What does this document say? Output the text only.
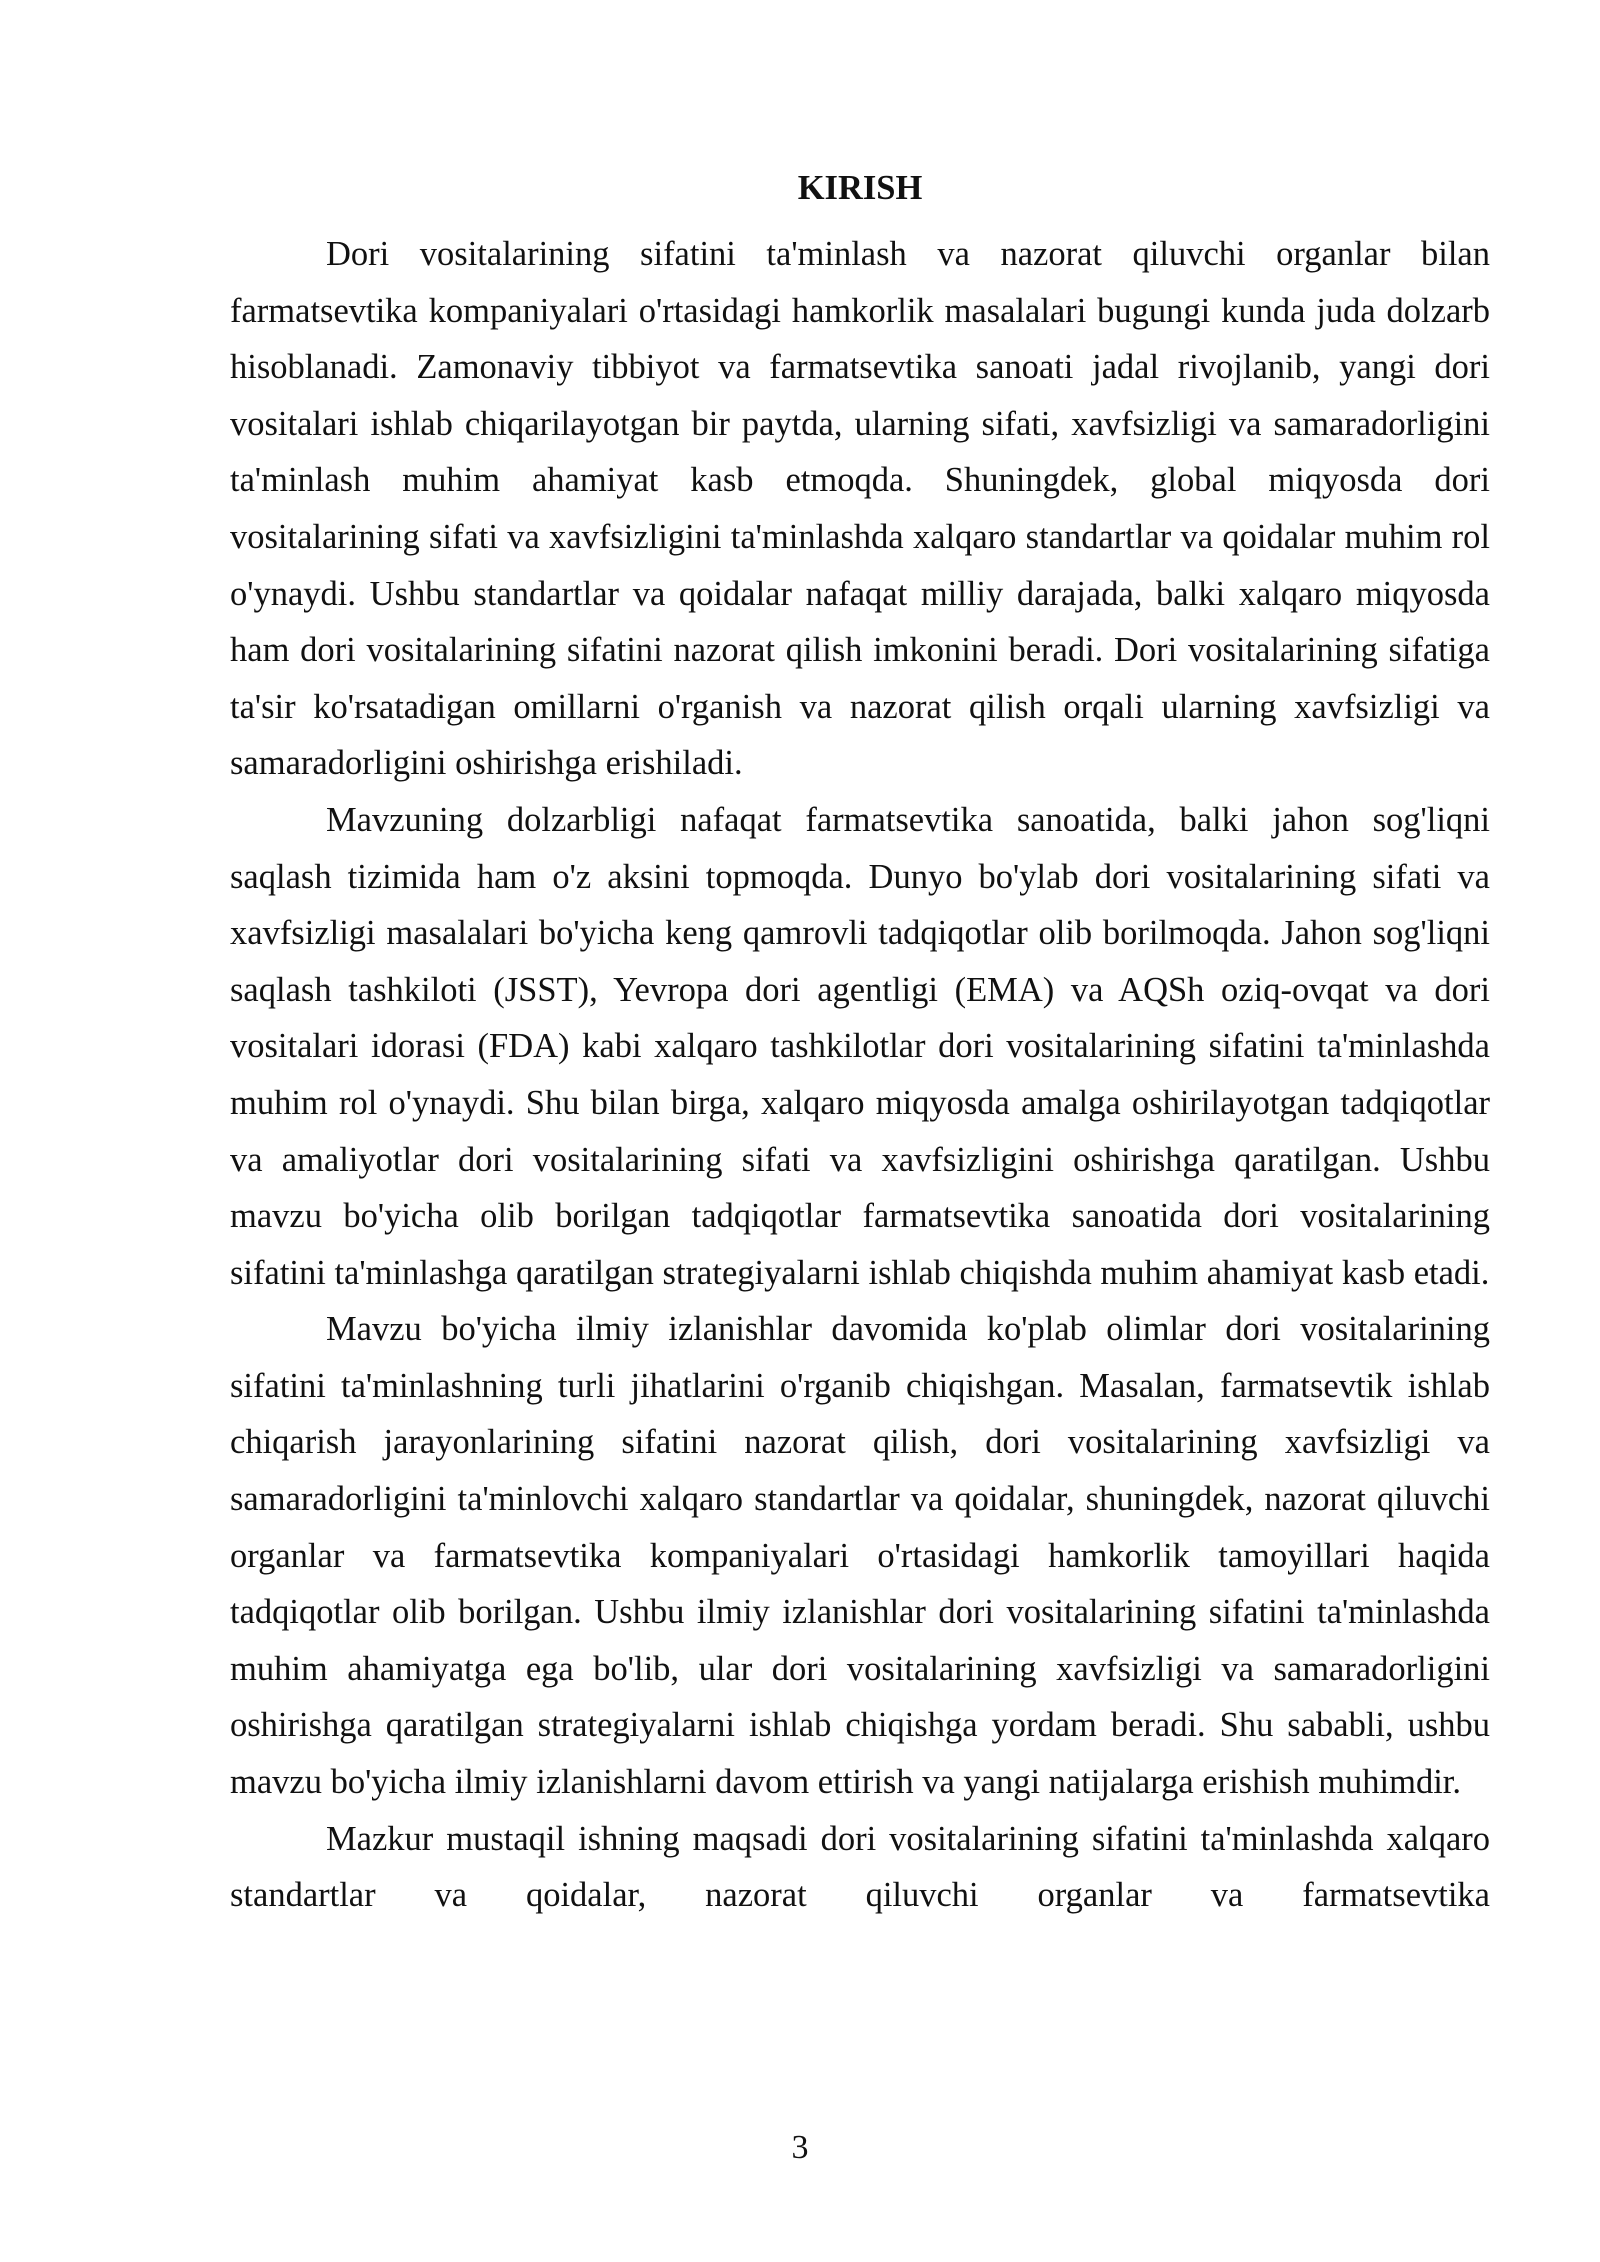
KIRISH

Dori vositalarining sifatini ta'minlash va nazorat qiluvchi organlar bilan farmatsevtika kompaniyalari o'rtasidagi hamkorlik masalalari bugungi kunda juda dolzarb hisoblanadi. Zamonaviy tibbiyot va farmatsevtika sanoati jadal rivojlanib, yangi dori vositalari ishlab chiqarilayotgan bir paytda, ularning sifati, xavfsizligi va samaradorligini ta'minlash muhim ahamiyat kasb etmoqda. Shuningdek, global miqyosda dori vositalarining sifati va xavfsizligini ta'minlashda xalqaro standartlar va qoidalar muhim rol o'ynaydi. Ushbu standartlar va qoidalar nafaqat milliy darajada, balki xalqaro miqyosda ham dori vositalarining sifatini nazorat qilish imkonini beradi. Dori vositalarining sifatiga ta'sir ko'rsatadigan omillarni o'rganish va nazorat qilish orqali ularning xavfsizligi va samaradorligini oshirishga erishiladi.

Mavzuning dolzarbligi nafaqat farmatsevtika sanoatida, balki jahon sog'liqni saqlash tizimida ham o'z aksini topmoqda. Dunyo bo'ylab dori vositalarining sifati va xavfsizligi masalalari bo'yicha keng qamrovli tadqiqotlar olib borilmoqda. Jahon sog'liqni saqlash tashkiloti (JSST), Yevropa dori agentligi (EMA) va AQSh oziq-ovqat va dori vositalari idorasi (FDA) kabi xalqaro tashkilotlar dori vositalarining sifatini ta'minlashda muhim rol o'ynaydi. Shu bilan birga, xalqaro miqyosda amalga oshirilayotgan tadqiqotlar va amaliyotlar dori vositalarining sifati va xavfsizligini oshirishga qaratilgan. Ushbu mavzu bo'yicha olib borilgan tadqiqotlar farmatsevtika sanoatida dori vositalarining sifatini ta'minlashga qaratilgan strategiyalarni ishlab chiqishda muhim ahamiyat kasb etadi.

Mavzu bo'yicha ilmiy izlanishlar davomida ko'plab olimlar dori vositalarining sifatini ta'minlashning turli jihatlarini o'rganib chiqishgan. Masalan, farmatsevtik ishlab chiqarish jarayonlarining sifatini nazorat qilish, dori vositalarining xavfsizligi va samaradorligini ta'minlovchi xalqaro standartlar va qoidalar, shuningdek, nazorat qiluvchi organlar va farmatsevtika kompaniyalari o'rtasidagi hamkorlik tamoyillari haqida tadqiqotlar olib borilgan. Ushbu ilmiy izlanishlar dori vositalarining sifatini ta'minlashda muhim ahamiyatga ega bo'lib, ular dori vositalarining xavfsizligi va samaradorligini oshirishga qaratilgan strategiyalarni ishlab chiqishga yordam beradi. Shu sababli, ushbu mavzu bo'yicha ilmiy izlanishlarni davom ettirish va yangi natijalarga erishish muhimdir.

Mazkur mustaqil ishning maqsadi dori vositalarining sifatini ta'minlashda xalqaro standartlar va qoidalar, nazorat qiluvchi organlar va farmatsevtika

3
